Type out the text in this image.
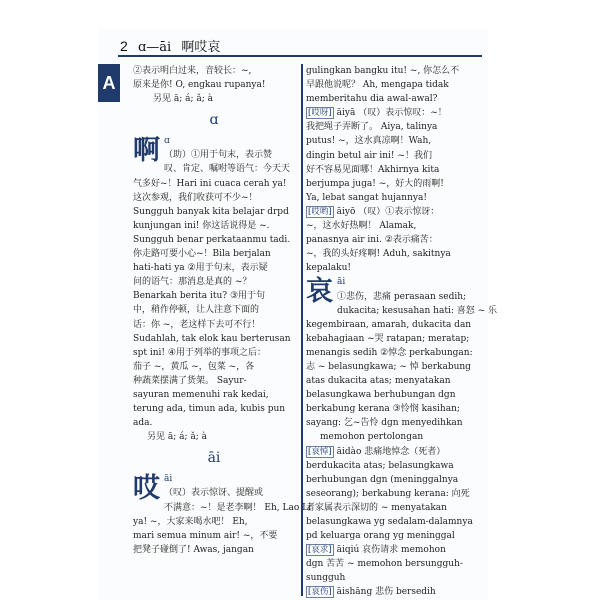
2 ɑ—āi 啊哎哀
A
②表示明白过来，音较长：~,
原来是你! O, engkau rupanya!
另见 ā; á; ǎ; à
ɑ
啊 ɑ
（助）①用于句末，表示赞
叹、肯定、嘱咐等语气：今天天
气多好~！Hari ini cuaca cerah ya!
这次参观，我们收获可不少~！
Sungguh banyak kita belajar drpd
kunjungan ini! 你这话说得是 ~.
Sungguh benar perkataanmu tadi.
你走路可要小心~！Bila berjalan
hati-hati ya ②用于句末，表示疑
问的语气：那消息是真的 ~？
Benarkah berita itu? ③用于句
中，稍作停顿，让人注意下面的
话：你 ~，老这样下去可不行！
Sudahlah, tak elok kau berterusan
spt ini! ④用于列举的事项之后：
茄子 ~，黄瓜 ~，包菜 ~，各
种蔬菜摆满了货架。 Sayur-
sayuran memenuhi rak kedai,
terung ada, timun ada, kubis pun
ada.
另见 ā; á; ǎ; à
āi
哎 āi
（叹）表示惊讶、提醒或
不满意：~！是老李啊！ Eh, Lao Li
ya! ~，大家来喝水吧！ Eh,
mari semua minum air! ~，不要
把凳子碰倒了! Awas, jangan
gulingkan bangku itu! ~, 你怎么不
早跟他说呢？ Ah, mengapa tidak
memberitahu dia awal-awal?
[哎呀] āiyā （叹）表示惊叹：~！
我把绳子弄断了。 Aiya, talinya
putus! ~，这水真凉啊！Wah,
dingin betul air ini! ~！我们
好不容易见面哪！Akhirnya kita
berjumpa juga! ~，好大的雨啊!
Ya, lebat sangat hujannya!
[哎哟] āiyō （叹）①表示惊讶：
~，这水好热啊！ Alamak,
panasnya air ini. ②表示痛苦：
~，我的头好疼啊! Aduh, sakitnya
kepalaku!
哀 āi
①悲伤，悲痛 perasaan sedih;
dukacita; kesusahan hati: 喜怒 ~ 乐
kegembiraan, amarah, dukacita dan
kebahagiaan ~哭 ratapan; meratap;
menangis sedih ②悼念 perkabungan:
志 ~ belasungkawa; ~ 悼 berkabung
atas dukacita atas; menyatakan
belasungkawa berhubungan dgn
berkabung kerana ③怜悯 kasihan;
sayang: 乞~告怜 dgn menyedihkan
memohon pertolongan
[哀悼] āidào 悲痛地悼念（死者）
berdukacita atas; belasungkawa
berhubungan dgn (meninggalnya
seseorang); berkabung kerana: 向死
者家属表示深切的 ~ menyatakan
belasungkawa yg sedalam-dalamnya
pd keluarga orang yg meninggal
[哀求] āiqiú 哀伤请求 memohon
dgn 苦苦 ~ memohon bersungguh-
sungguh
[哀伤] āishāng 悲伤 bersedih
